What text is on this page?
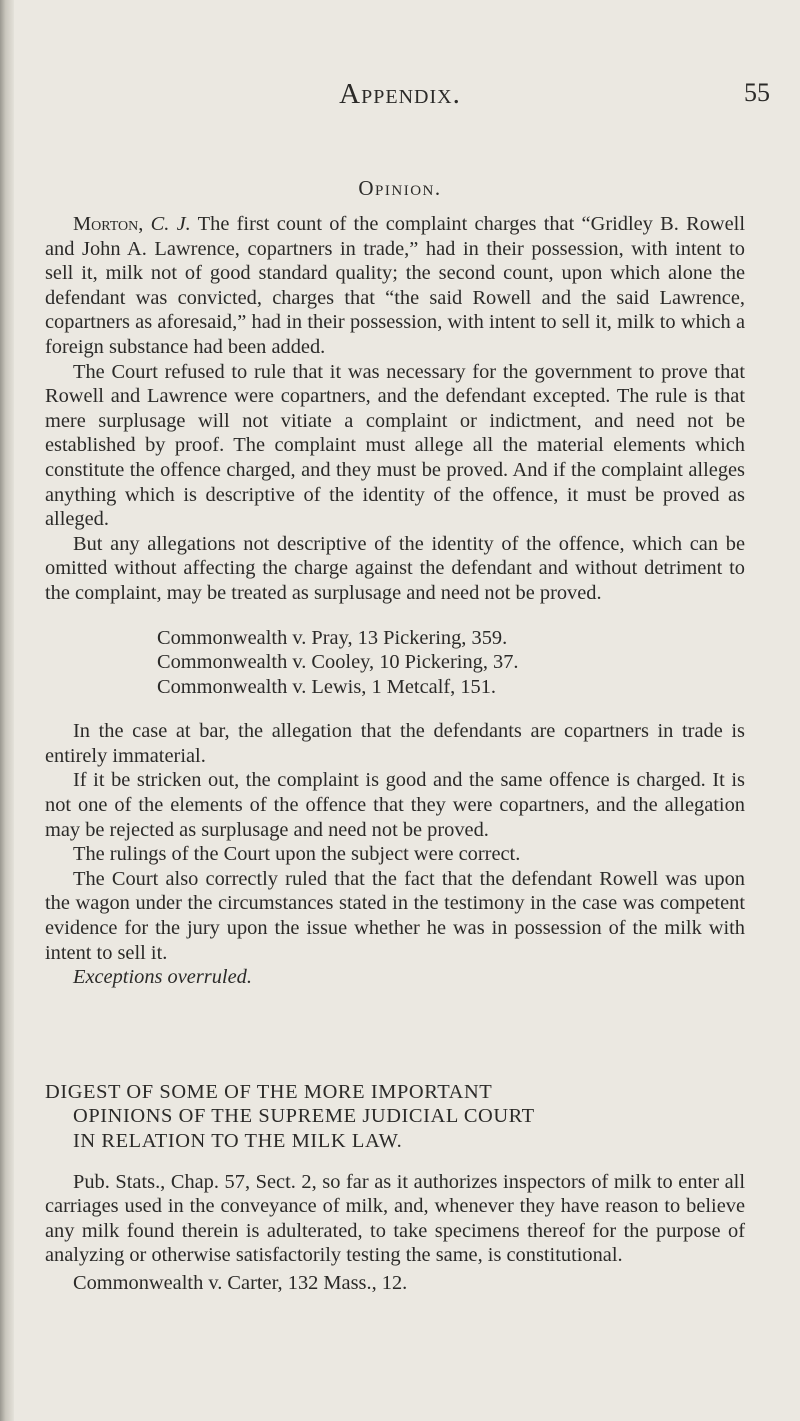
Appendix.	55
Opinion.

Morton, C. J. The first count of the complaint charges that “Gridley B. Rowell and John A. Lawrence, copartners in trade,” had in their possession, with intent to sell it, milk not of good standard quality; the second count, upon which alone the defendant was convicted, charges that “the said Rowell and the said Lawrence, copartners as aforesaid,” had in their possession, with intent to sell it, milk to which a foreign substance had been added.

The Court refused to rule that it was necessary for the government to prove that Rowell and Lawrence were copartners, and the defendant excepted. The rule is that mere surplusage will not vitiate a complaint or indictment, and need not be established by proof. The complaint must allege all the material elements which constitute the offence charged, and they must be proved. And if the complaint alleges anything which is descriptive of the identity of the offence, it must be proved as alleged.

But any allegations not descriptive of the identity of the offence, which can be omitted without affecting the charge against the defendant and without detriment to the complaint, may be treated as surplusage and need not be proved.

Commonwealth v. Pray, 13 Pickering, 359.
Commonwealth v. Cooley, 10 Pickering, 37.
Commonwealth v. Lewis, 1 Metcalf, 151.

In the case at bar, the allegation that the defendants are copartners in trade is entirely immaterial.

If it be stricken out, the complaint is good and the same offence is charged. It is not one of the elements of the offence that they were copartners, and the allegation may be rejected as surplusage and need not be proved.

The rulings of the Court upon the subject were correct.

The Court also correctly ruled that the fact that the defendant Rowell was upon the wagon under the circumstances stated in the testimony in the case was competent evidence for the jury upon the issue whether he was in possession of the milk with intent to sell it.

Exceptions overruled.

DIGEST OF SOME OF THE MORE IMPORTANT
OPINIONS OF THE SUPREME JUDICIAL COURT
IN RELATION TO THE MILK LAW.

Pub. Stats., Chap. 57, Sect. 2, so far as it authorizes inspectors of milk to enter all carriages used in the conveyance of milk, and, whenever they have reason to believe any milk found therein is adulterated, to take specimens thereof for the purpose of analyzing or otherwise satisfactorily testing the same, is constitutional.

Commonwealth v. Carter, 132 Mass., 12.
